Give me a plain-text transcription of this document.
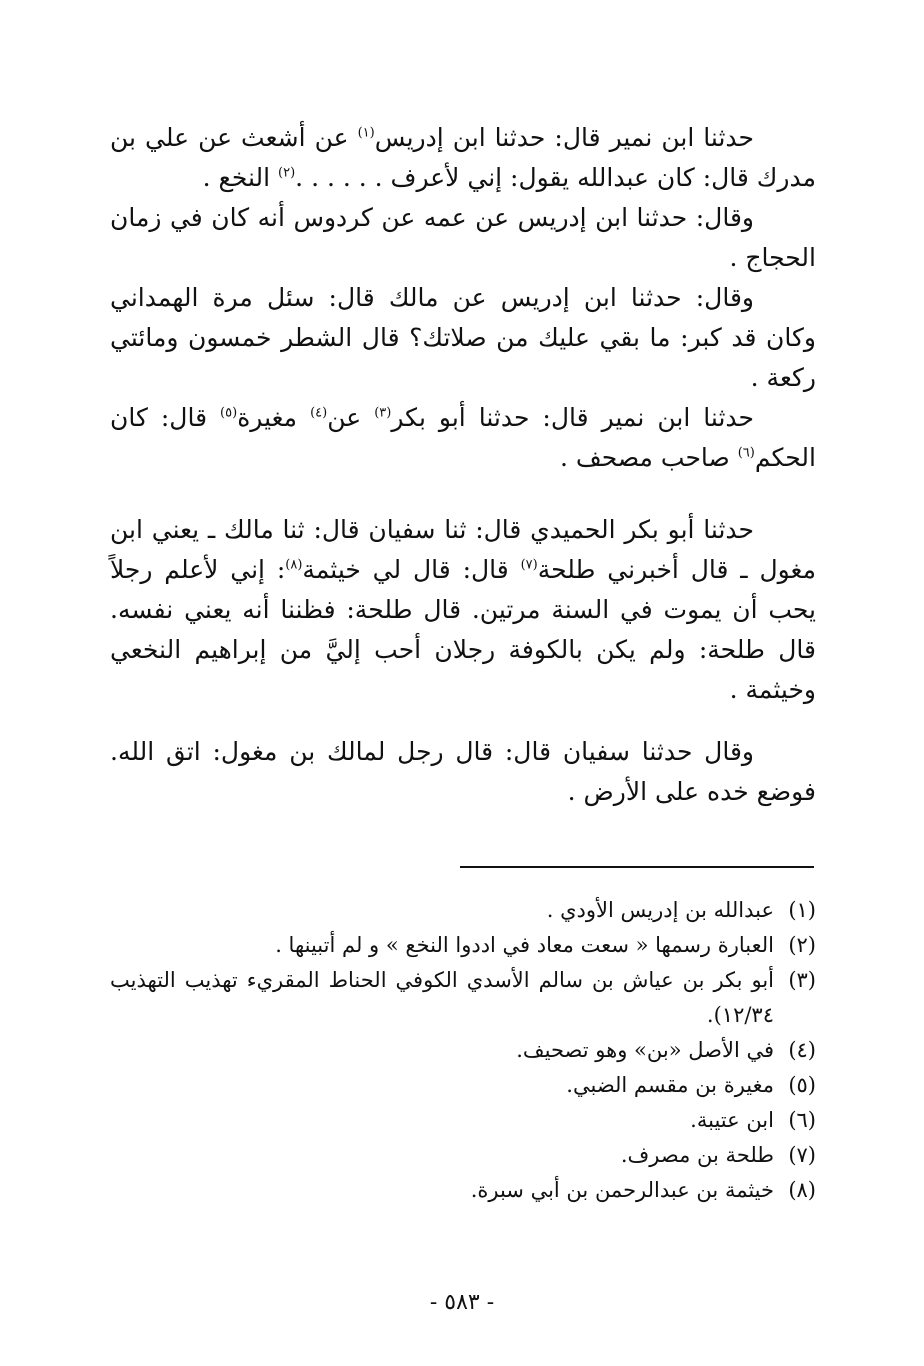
حدثنا ابن نمير قال: حدثنا ابن إدريس$^{(١)}$ عن أشعث عن علي بن مدرك قال: كان عبدالله يقول: إني لأعرف . . . . . .$^{(٢)}$ النخع .

وقال: حدثنا ابن إدريس عن عمه عن كردوس أنه كان في زمان الحجاج .

وقال: حدثنا ابن إدريس عن مالك قال: سئل مرة الهمداني وكان قد كبر: ما بقي عليك من صلاتك؟ قال الشطر خمسون ومائتي ركعة .

حدثنا ابن نمير قال: حدثنا أبو بكر$^{(٣)}$ عن$^{(٤)}$ مغيرة$^{(٥)}$ قال: كان الحكم$^{(٦)}$ صاحب مصحف .

حدثنا أبو بكر الحميدي قال: ثنا سفيان قال: ثنا مالك ـ يعني ابن مغول ـ قال أخبرني طلحة$^{(٧)}$ قال: قال لي خيثمة$^{(٨)}$: إني لأعلم رجلاً يحب أن يموت في السنة مرتين. قال طلحة: فظننا أنه يعني نفسه. قال طلحة: ولم يكن بالكوفة رجلان أحب إليَّ من إبراهيم النخعي وخيثمة .

وقال حدثنا سفيان قال: قال رجل لمالك بن مغول: اتق الله. فوضع خده على الأرض .

(١)
عبدالله بن إدريس الأودي .
(٢)
العبارة رسمها « سعت معاد في اددوا النخع » و لم أتبينها .
(٣)
أبو بكر بن عياش بن سالم الأسدي الكوفي الحناط المقريء تهذيب التهذيب ١٢/٣٤).
(٤)
في الأصل «بن» وهو تصحيف.
(٥)
مغيرة بن مقسم الضبي.
(٦)
ابن عتيبة.
(٧)
طلحة بن مصرف.
(٨)
خيثمة بن عبدالرحمن بن أبي سبرة.
- ٥٨٣ -
